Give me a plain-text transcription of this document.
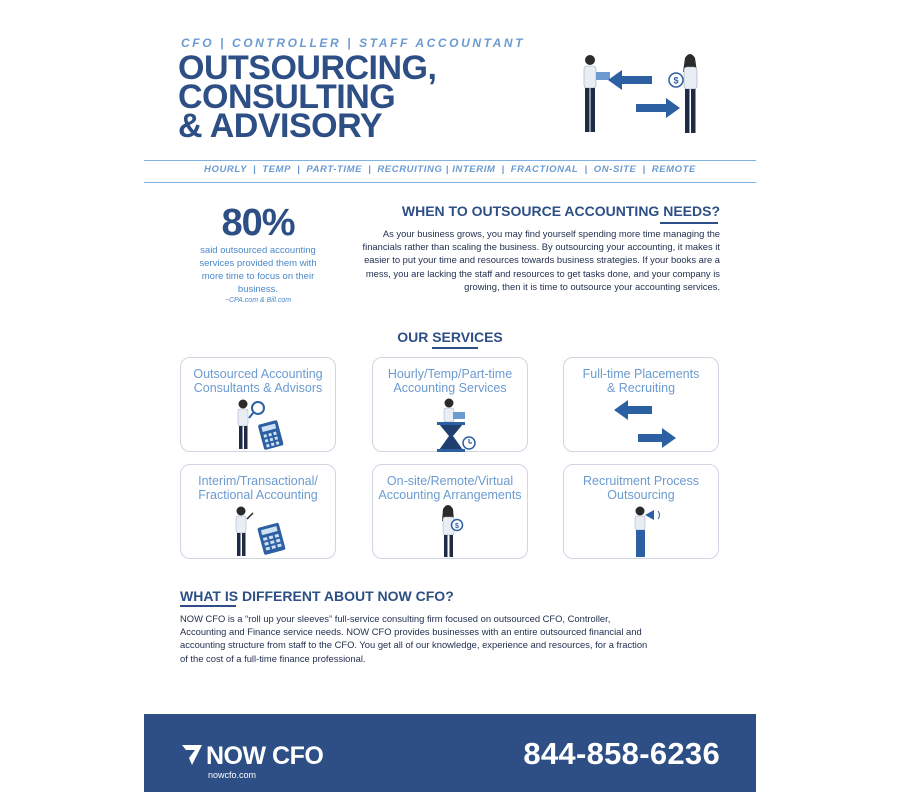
CFO | CONTROLLER | STAFF ACCOUNTANT
OUTSOURCING,
CONSULTING
& ADVISORY
$
HOURLY | TEMP | PART-TIME | RECRUITING | INTERIM | FRACTIONAL | ON-SITE | REMOTE
80%
said outsourced accounting services provided them with more time to focus on their business.
~CPA.com & Bill.com
WHEN TO OUTSOURCE ACCOUNTING NEEDS?
As your business grows, you may find yourself spending more time managing the financials rather than scaling the business. By outsourcing your accounting, it makes it easier to put your time and resources towards business strategies. If your books are a mess, you are lacking the staff and resources to get tasks done, and your company is growing, then it is time to outsource your accounting services.
OUR SERVICES
Outsourced Accounting
Consultants & Advisors
Hourly/Temp/Part-time
Accounting Services
Full-time Placements
& Recruiting
Interim/Transactional/
Fractional Accounting
On-site/Remote/Virtual
Accounting Arrangements
$
Recruitment Process
Outsourcing
WHAT IS DIFFERENT ABOUT NOW CFO?
NOW CFO is a “roll up your sleeves” full-service consulting firm focused on outsourced CFO, Controller, Accounting and Finance service needs. NOW CFO provides businesses with an entire outsourced financial and accounting structure from staff to the CFO. You get all of our knowledge, experience and resources, for a fraction of the cost of a full-time finance professional.
NOW CFO
nowcfo.com
844-858-6236
